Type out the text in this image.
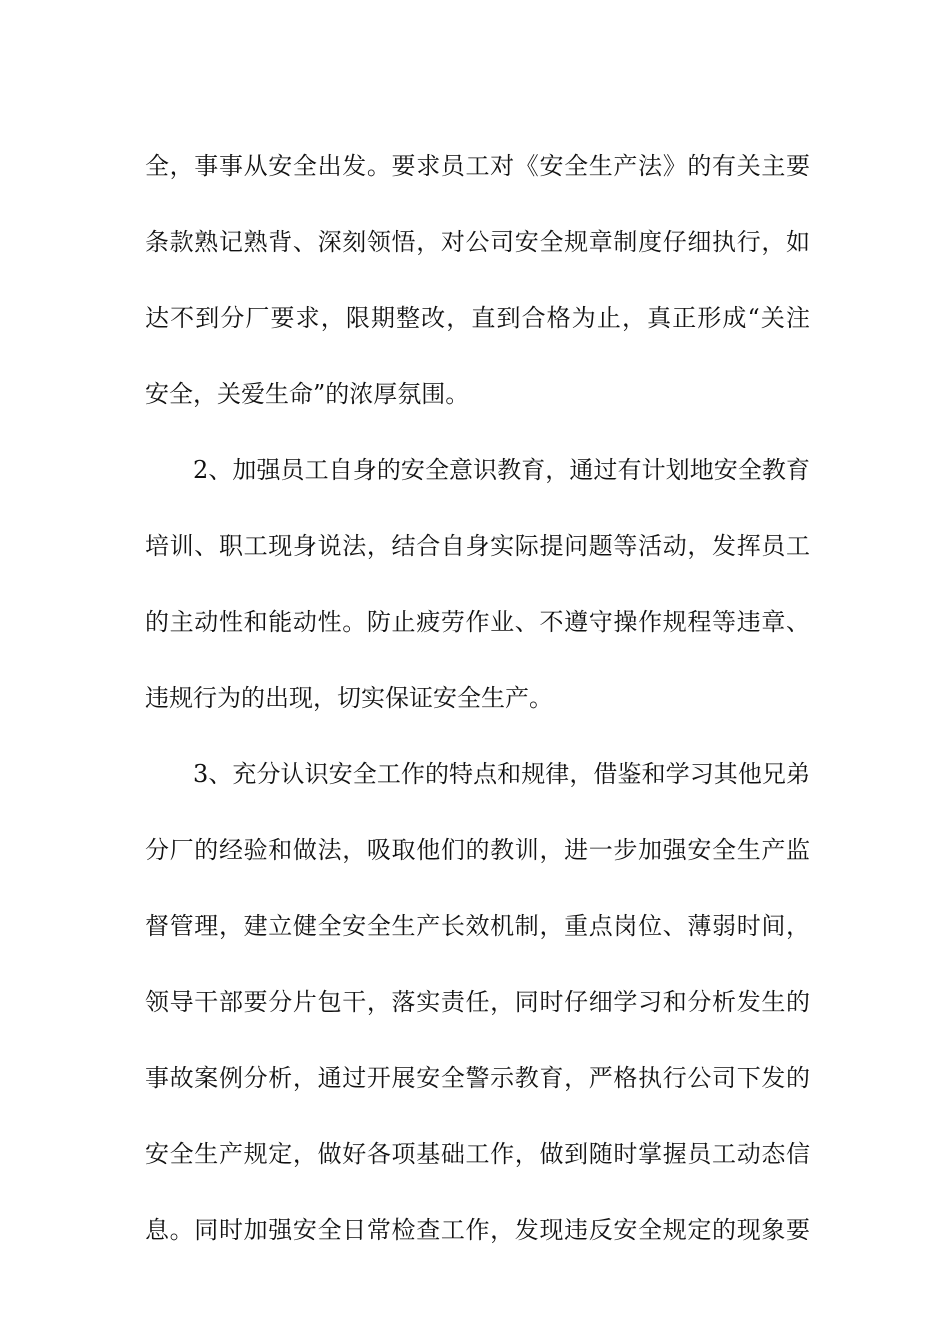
全，事事从安全出发。要求员工对《安全生产法》的有关主要
条款熟记熟背、深刻领悟，对公司安全规章制度仔细执行，如
达不到分厂要求，限期整改，直到合格为止，真正形成“关注
安全，关爱生命”的浓厚氛围。
2、加强员工自身的安全意识教育，通过有计划地安全教育
培训、职工现身说法，结合自身实际提问题等活动，发挥员工
的主动性和能动性。防止疲劳作业、不遵守操作规程等违章、
违规行为的出现，切实保证安全生产。
3、充分认识安全工作的特点和规律，借鉴和学习其他兄弟
分厂的经验和做法，吸取他们的教训，进一步加强安全生产监
督管理，建立健全安全生产长效机制，重点岗位、薄弱时间，
领导干部要分片包干，落实责任，同时仔细学习和分析发生的
事故案例分析，通过开展安全警示教育，严格执行公司下发的
安全生产规定，做好各项基础工作，做到随时掌握员工动态信
息。同时加强安全日常检查工作，发现违反安全规定的现象要
